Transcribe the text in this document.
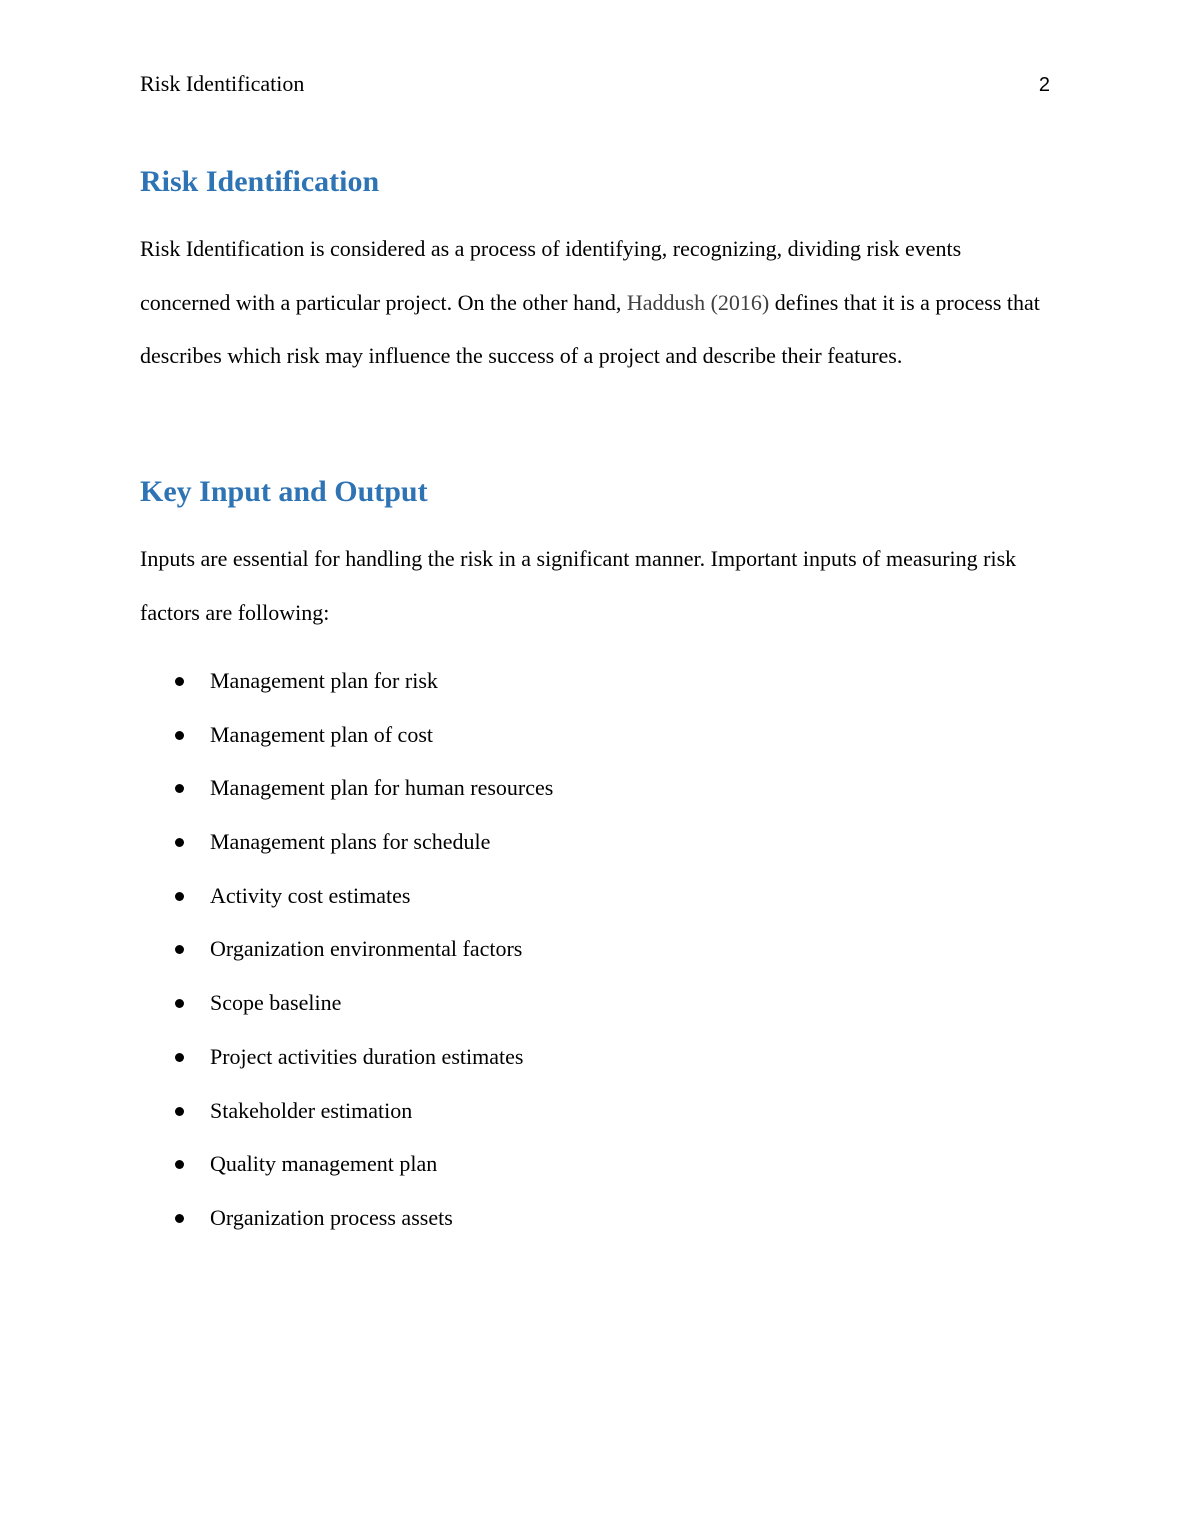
Risk Identification	2
Risk Identification

Risk Identification is considered as a process of identifying, recognizing, dividing risk events concerned with a particular project. On the other hand, Haddush (2016) defines that it is a process that describes which risk may influence the success of a project and describe their features.

Key Input and Output

Inputs are essential for handling the risk in a significant manner. Important inputs of measuring risk factors are following:

Management plan for risk
Management plan of cost
Management plan for human resources
Management plans for schedule
Activity cost estimates
Organization environmental factors
Scope baseline
Project activities duration estimates
Stakeholder estimation
Quality management plan
Organization process assets
